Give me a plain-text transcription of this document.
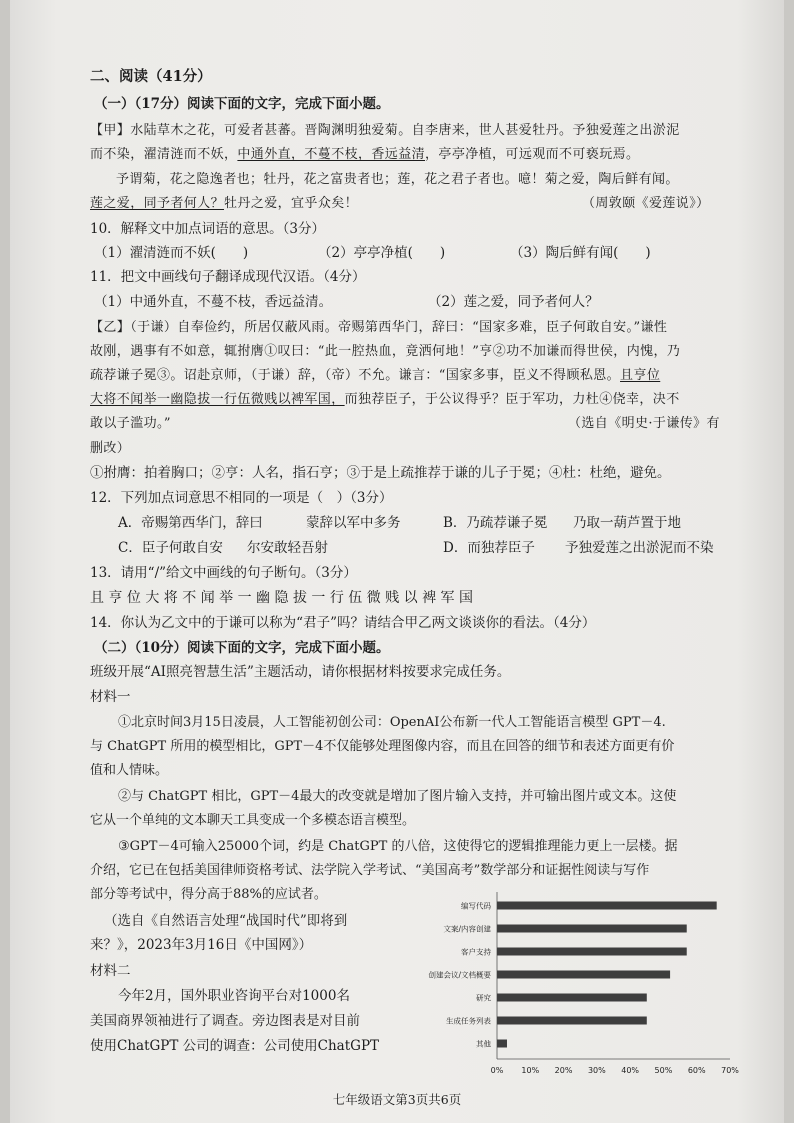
二、阅读（41分）
（一）（17分）阅读下面的文字，完成下面小题。
【甲】水陆草木之花，可爱者甚蕃。晋陶渊明独爱菊。自李唐来，世人甚爱牡丹。予独爱莲之出淤泥
而不染，濯清涟而不妖，中通外直，不蔓不枝，香远益清，亭亭净植，可远观而不可亵玩焉。
予谓菊，花之隐逸者也；牡丹，花之富贵者也；莲，花之君子者也。噫！菊之爱，陶后鲜有闻。
莲之爱，同予者何人？牡丹之爱，宜乎众矣！	（周敦颐《爱莲说》）
10．解释文中加点词语的意思。（3分）
（1）濯清涟而不妖(　　)	（2）亭亭净植(　　)	（3）陶后鲜有闻(　　)
11．把文中画线句子翻译成现代汉语。（4分）
（1）中通外直，不蔓不枝，香远益清。	（2）莲之爱，同予者何人？
【乙】（于谦）自奉俭约，所居仅蔽风雨。帝赐第西华门，辞曰：“国家多难，臣子何敢自安。”谦性
故刚，遇事有不如意，辄拊膺①叹曰：“此一腔热血，竟洒何地！”亨②功不加谦而得世侯，内愧，乃
疏荐谦子冕③。诏赴京师，（于谦）辞，（帝）不允。谦言：“国家多事，臣义不得顾私恩。且亨位
大将不闻举一幽隐拔一行伍微贱以裨军国，而独荐臣子，于公议得乎？臣于军功，力杜④侥幸，决不
敢以子滥功。”	（选自《明史·于谦传》有
删改）
①拊膺：拍着胸口；②亨：人名，指石亨；③于是上疏推荐于谦的儿子于冕；④杜：杜绝，避免。
12．下列加点词意思不相同的一项是（　）（3分）
A．帝赐第西华门，辞曰	蒙辞以军中多务	B．乃疏荐谦子冕 乃取一葫芦置于地
C．臣子何敢自安 尔安敢轻吾射	D．而独荐臣子 予独爱莲之出淤泥而不染
13．请用“/”给文中画线的句子断句。（3分）
且 亨 位 大 将 不 闻 举 一 幽 隐 拔 一 行 伍 微 贱 以 裨 军 国
14．你认为乙文中的于谦可以称为“君子”吗？请结合甲乙两文谈谈你的看法。（4分）
（二）（10分）阅读下面的文字，完成下面小题。
班级开展“AI照亮智慧生活”主题活动，请你根据材料按要求完成任务。
材料一
①北京时间3月15日凌晨，人工智能初创公司：OpenAI公布新一代人工智能语言模型 GPT－4.
与 ChatGPT 所用的模型相比，GPT－4不仅能够处理图像内容，而且在回答的细节和表述方面更有价
值和人情味。
②与 ChatGPT 相比，GPT－4最大的改变就是增加了图片输入支持，并可输出图片或文本。这使
它从一个单纯的文本聊天工具变成一个多模态语言模型。
③GPT－4可输入25000个词，约是 ChatGPT 的八倍，这使得它的逻辑推理能力更上一层楼。据
介绍，它已在包括美国律师资格考试、法学院入学考试、“美国高考”数学部分和证据性阅读与写作
部分等考试中，得分高于88%的应试者。
（选自《自然语言处理“战国时代”即将到
来？》，2023年3月16日《中国网》）
材料二
今年2月，国外职业咨询平台对1000名
美国商界领袖进行了调查。旁边图表是对目前
使用ChatGPT 公司的调查：公司使用ChatGPT
编写代码
文案/内容创建
客户支持
创建会议/文档概要
研究
生成任务列表
其他
0% 10% 20% 30% 40% 50% 60% 70%
七年级语文第3页共6页
